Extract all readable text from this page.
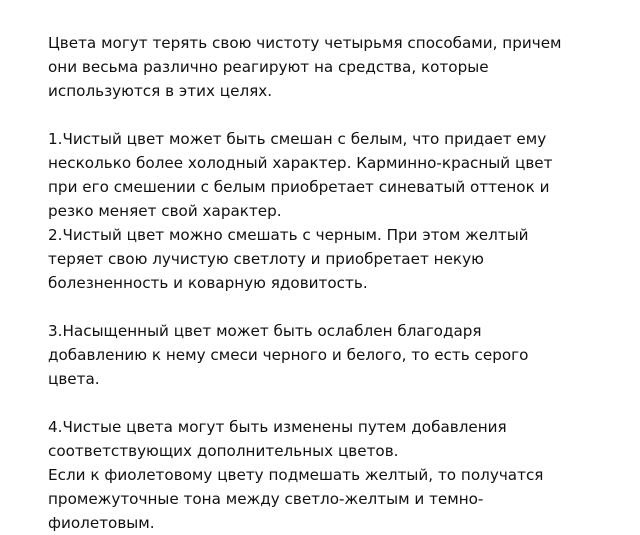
Цвета могут терять свою чистоту четырьмя способами, причем
они весьма различно реагируют на средства, которые
используются в этих целях.

1.Чистый цвет может быть смешан с белым, что придает ему
несколько более холодный характер. Карминно-красный цвет
при его смешении с белым приобретает синеватый оттенок и
резко меняет свой характер.

2.Чистый цвет можно смешать с черным. При этом желтый
теряет свою лучистую светлоту и приобретает некую
болезненность и коварную ядовитость.

3.Насыщенный цвет может быть ослаблен благодаря
добавлению к нему смеси черного и белого, то есть серого
цвета.

4.Чистые цвета могут быть изменены путем добавления
соответствующих дополнительных цветов.

Если к фиолетовому цвету подмешать желтый, то получатся
промежуточные тона между светло-желтым и темно-
фиолетовым.
